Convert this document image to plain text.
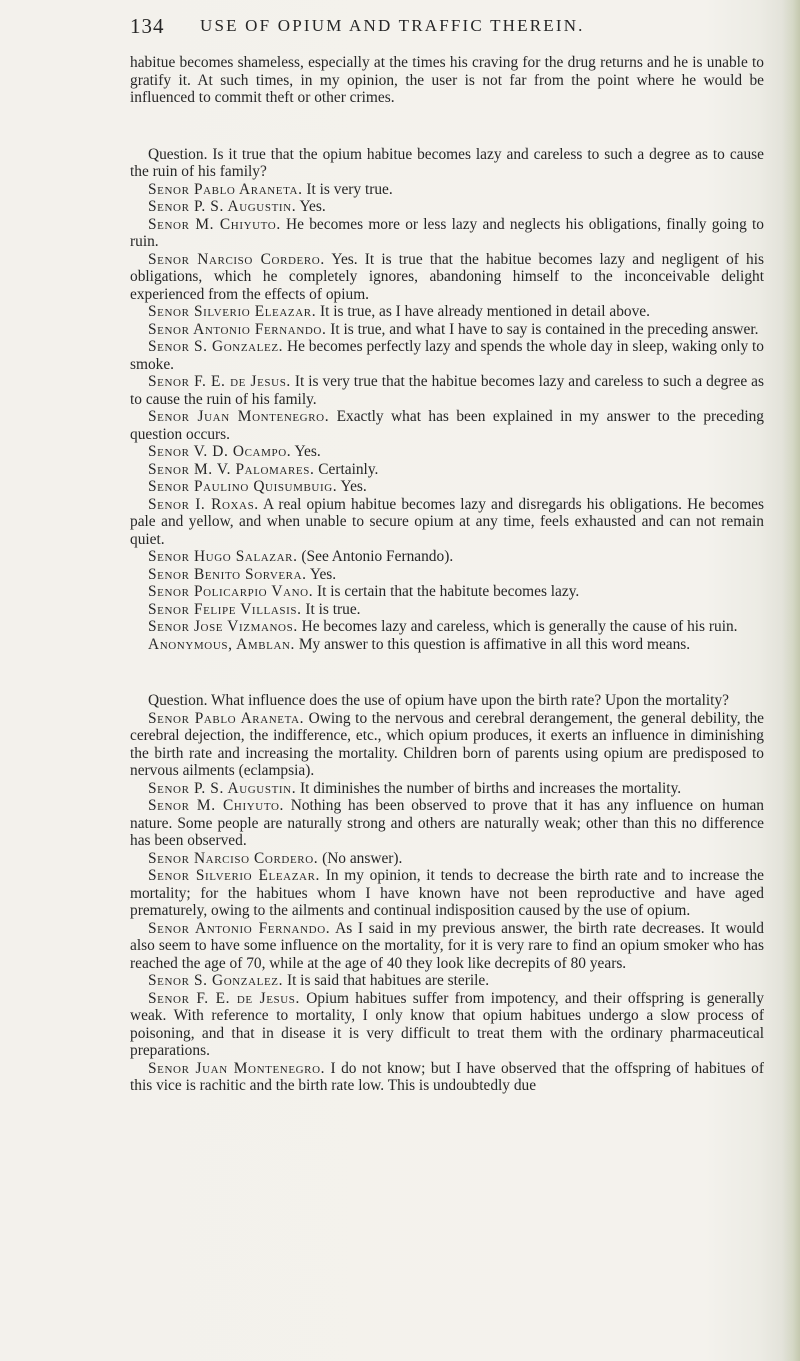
134 USE OF OPIUM AND TRAFFIC THEREIN.

habitue becomes shameless, especially at the times his craving for the drug returns and he is unable to gratify it. At such times, in my opinion, the user is not far from the point where he would be influenced to commit theft or other crimes.

Question. Is it true that the opium habitue becomes lazy and careless to such a degree as to cause the ruin of his family?

Senor Pablo Araneta. It is very true.

Senor P. S. Augustin. Yes.

Senor M. Chiyuto. He becomes more or less lazy and neglects his obligations, finally going to ruin.

Senor Narciso Cordero. Yes. It is true that the habitue becomes lazy and negligent of his obligations, which he completely ignores, abandoning himself to the inconceivable delight experienced from the effects of opium.

Senor Silverio Eleazar. It is true, as I have already mentioned in detail above.

Senor Antonio Fernando. It is true, and what I have to say is contained in the preceding answer.

Senor S. Gonzalez. He becomes perfectly lazy and spends the whole day in sleep, waking only to smoke.

Senor F. E. de Jesus. It is very true that the habitue becomes lazy and careless to such a degree as to cause the ruin of his family.

Senor Juan Montenegro. Exactly what has been explained in my answer to the preceding question occurs.

Senor V. D. Ocampo. Yes.

Senor M. V. Palomares. Certainly.

Senor Paulino Quisumbuig. Yes.

Senor I. Roxas. A real opium habitue becomes lazy and disregards his obligations. He becomes pale and yellow, and when unable to secure opium at any time, feels exhausted and can not remain quiet.

Senor Hugo Salazar. (See Antonio Fernando).

Senor Benito Sorvera. Yes.

Senor Policarpio Vano. It is certain that the habitute becomes lazy.

Senor Felipe Villasis. It is true.

Senor Jose Vizmanos. He becomes lazy and careless, which is generally the cause of his ruin.

Anonymous, Amblan. My answer to this question is affimative in all this word means.

Question. What influence does the use of opium have upon the birth rate? Upon the mortality?

Senor Pablo Araneta. Owing to the nervous and cerebral derangement, the general debility, the cerebral dejection, the indifference, etc., which opium produces, it exerts an influence in diminishing the birth rate and increasing the mortality. Children born of parents using opium are predisposed to nervous ailments (eclampsia).

Senor P. S. Augustin. It diminishes the number of births and increases the mortality.

Senor M. Chiyuto. Nothing has been observed to prove that it has any influence on human nature. Some people are naturally strong and others are naturally weak; other than this no difference has been observed.

Senor Narciso Cordero. (No answer).

Senor Silverio Eleazar. In my opinion, it tends to decrease the birth rate and to increase the mortality; for the habitues whom I have known have not been reproductive and have aged prematurely, owing to the ailments and continual indisposition caused by the use of opium.

Senor Antonio Fernando. As I said in my previous answer, the birth rate decreases. It would also seem to have some influence on the mortality, for it is very rare to find an opium smoker who has reached the age of 70, while at the age of 40 they look like decrepits of 80 years.

Senor S. Gonzalez. It is said that habitues are sterile.

Senor F. E. de Jesus. Opium habitues suffer from impotency, and their offspring is generally weak. With reference to mortality, I only know that opium habitues undergo a slow process of poisoning, and that in disease it is very difficult to treat them with the ordinary pharmaceutical preparations.

Senor Juan Montenegro. I do not know; but I have observed that the offspring of habitues of this vice is rachitic and the birth rate low. This is undoubtedly due
